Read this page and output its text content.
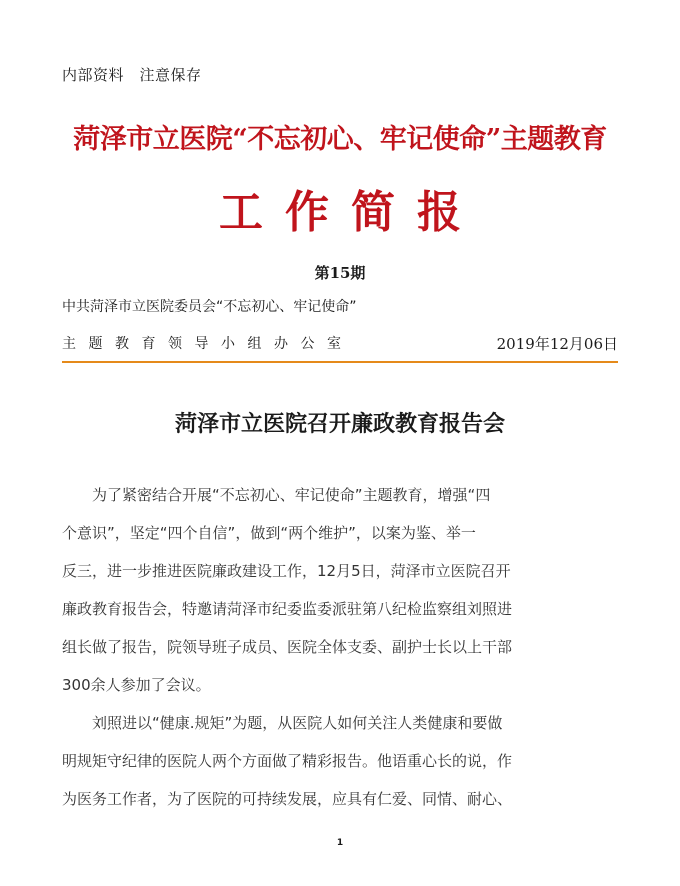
内部资料　注意保存
菏泽市立医院“不忘初心、牢记使命”主题教育
工作简报
第15期
中共菏泽市立医院委员会“不忘初心、牢记使命”
主题教育领导小组办公室	2019年12月06日
菏泽市立医院召开廉政教育报告会
　　为了紧密结合开展“不忘初心、牢记使命”主题教育，增强“四
个意识”，坚定“四个自信”，做到“两个维护”，以案为鉴、举一
反三，进一步推进医院廉政建设工作，12月5日，菏泽市立医院召开
廉政教育报告会，特邀请菏泽市纪委监委派驻第八纪检监察组刘照进
组长做了报告，院领导班子成员、医院全体支委、副护士长以上干部
300余人参加了会议。
　　刘照进以“健康.规矩”为题，从医院人如何关注人类健康和要做
明规矩守纪律的医院人两个方面做了精彩报告。他语重心长的说，作
为医务工作者，为了医院的可持续发展，应具有仁爱、同情、耐心、
1
